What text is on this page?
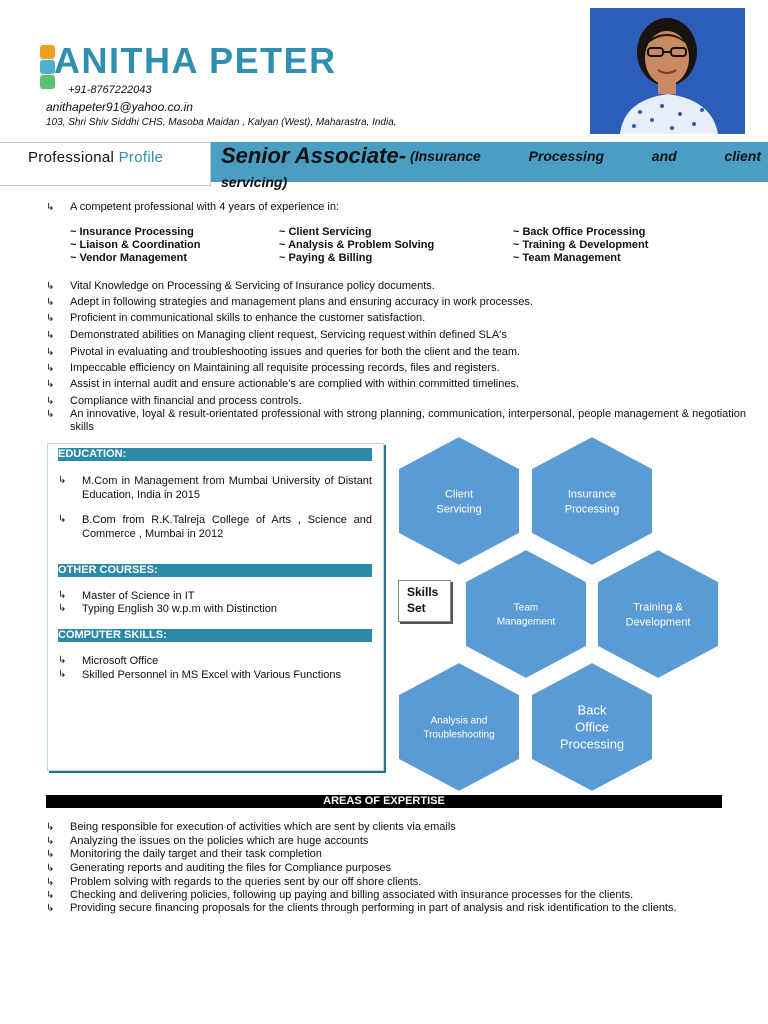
ANITHA PETER
+91-8767222043
anithapeter91@yahoo.co.in
103, Shri Shiv Siddhi CHS, Masoba Maidan , Kalyan (West), Maharastra, India,
Professional Profile	Senior Associate- (Insurance	Processing	and	client
servicing)
↳ A competent professional with 4 years of experience in:
~ Insurance Processing	~ Client Servicing	~ Back Office Processing
~ Liaison & Coordination	~ Analysis & Problem Solving	~ Training & Development
~ Vendor Management	~ Paying & Billing	~ Team Management
↳ Vital Knowledge on Processing & Servicing of Insurance policy documents.
↳ Adept in following strategies and management plans and ensuring accuracy in work processes.
↳ Proficient in communicational skills to enhance the customer satisfaction.
↳ Demonstrated abilities on Managing client request, Servicing request within defined SLA's
↳ Pivotal in evaluating and troubleshooting issues and queries for both the client and the team.
↳ Impeccable efficiency on Maintaining all requisite processing records, files and registers.
↳ Assist in internal audit and ensure actionable's are complied with within committed timelines.
↳ Compliance with financial and process controls.
↳ An innovative, loyal & result-orientated professional with strong planning, communication, interpersonal, people management & negotiation skills
EDUCATION:
↳ M.Com in Management from Mumbai University of Distant Education, India in 2015
↳ B.Com from R.K.Talreja College of Arts , Science and Commerce , Mumbai in 2012
OTHER COURSES:
↳ Master of Science in IT
↳ Typing English 30 w.p.m with Distinction
COMPUTER SKILLS:
↳ Microsoft Office
↳ Skilled Personnel in MS Excel with Various Functions
Client
Servicing
Insurance
Processing
Team
Management
Training &
Development
Analysis and
Troubleshooting
Back
Office
Processing
Skills
Set
AREAS OF EXPERTISE
↳ Being responsible for execution of activities which are sent by clients via emails
↳ Analyzing the issues on the policies which are huge accounts
↳ Monitoring the daily target and their task completion
↳ Generating reports and auditing the files for Compliance purposes
↳ Problem solving with regards to the queries sent by our off shore clients.
↳ Checking and delivering policies, following up paying and billing associated with insurance processes for the clients.
↳ Providing secure financing proposals for the clients through performing in part of analysis and risk identification to the clients.
